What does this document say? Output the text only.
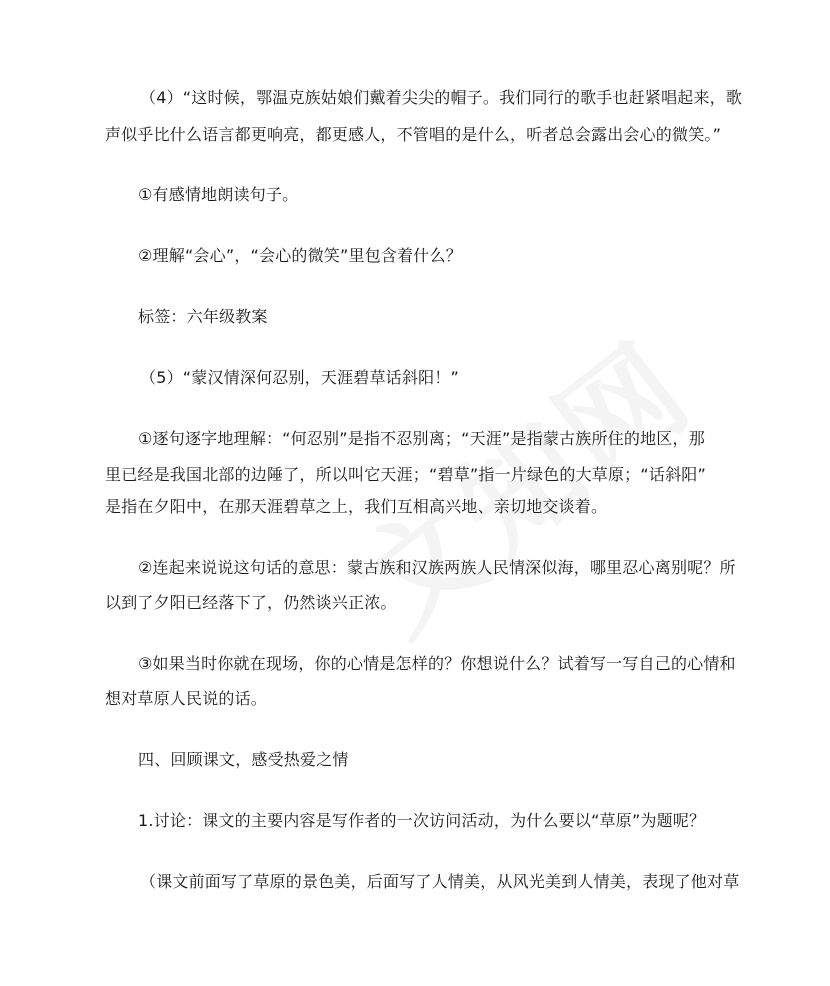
（4）“这时候，鄂温克族姑娘们戴着尖尖的帽子。我们同行的歌手也赶紧唱起来，歌
声似乎比什么语言都更响亮，都更感人，不管唱的是什么，听者总会露出会心的微笑。”
①有感情地朗读句子。
②理解“会心”，“会心的微笑”里包含着什么？
标签：六年级教案
（5）“蒙汉情深何忍别，天涯碧草话斜阳！”
①逐句逐字地理解：“何忍别”是指不忍别离；“天涯”是指蒙古族所住的地区，那
里已经是我国北部的边陲了，所以叫它天涯；“碧草”指一片绿色的大草原；“话斜阳”
是指在夕阳中，在那天涯碧草之上，我们互相高兴地、亲切地交谈着。
②连起来说说这句话的意思：蒙古族和汉族两族人民情深似海，哪里忍心离别呢？所
以到了夕阳已经落下了，仍然谈兴正浓。
③如果当时你就在现场，你的心情是怎样的？你想说什么？试着写一写自己的心情和
想对草原人民说的话。
四、回顾课文，感受热爱之情
1.讨论：课文的主要内容是写作者的一次访问活动，为什么要以“草原”为题呢？
（课文前面写了草原的景色美，后面写了人情美，从风光美到人情美，表现了他对草
